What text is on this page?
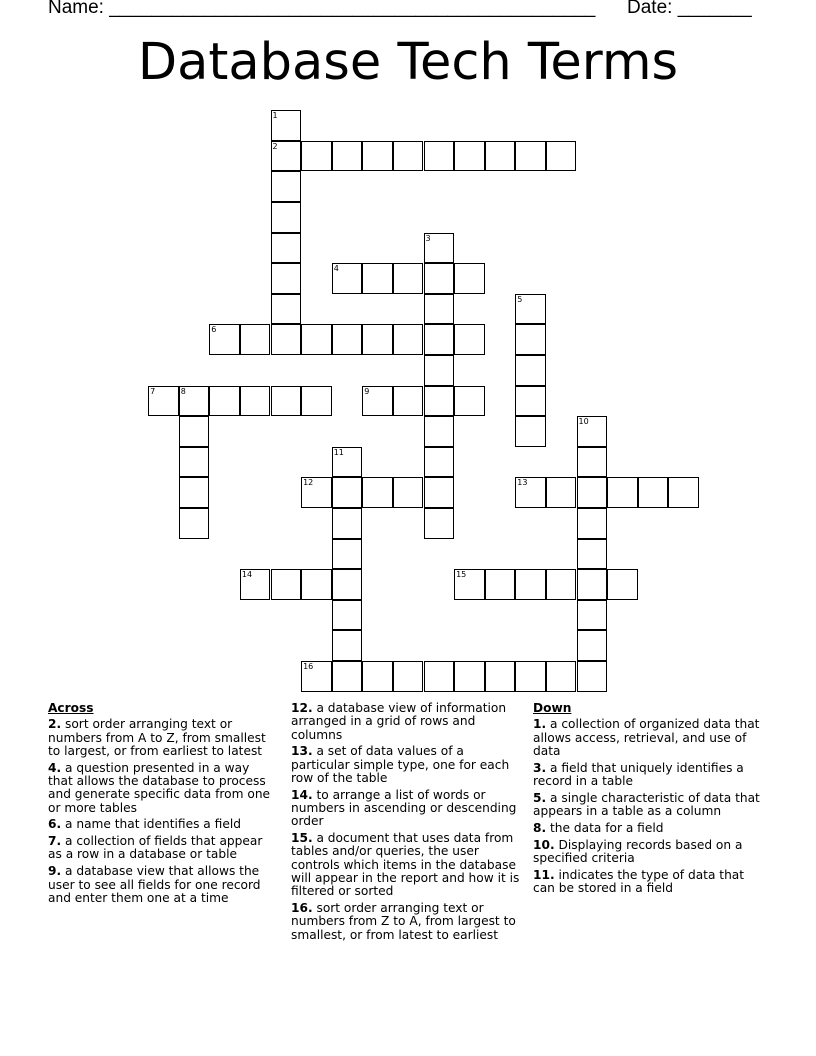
Name: ______________________________________________ Date: _______
Database Tech Terms
1
2
3
4
5
6
7	8	9
10
11
12	13
14	15
16
Across
2. sort order arranging text or numbers from A to Z, from smallest to largest, or from earliest to latest
4. a question presented in a way that allows the database to process and generate specific data from one or more tables
6. a name that identifies a field
7. a collection of fields that appear as a row in a database or table
9. a database view that allows the user to see all fields for one record and enter them one at a time
12. a database view of information arranged in a grid of rows and columns
13. a set of data values of a particular simple type, one for each row of the table
14. to arrange a list of words or numbers in ascending or descending order
15. a document that uses data from tables and/or queries, the user controls which items in the database will appear in the report and how it is filtered or sorted
16. sort order arranging text or numbers from Z to A, from largest to smallest, or from latest to earliest
Down
1. a collection of organized data that allows access, retrieval, and use of data
3. a field that uniquely identifies a record in a table
5. a single characteristic of data that appears in a table as a column
8. the data for a field
10. Displaying records based on a specified criteria
11. indicates the type of data that can be stored in a field
